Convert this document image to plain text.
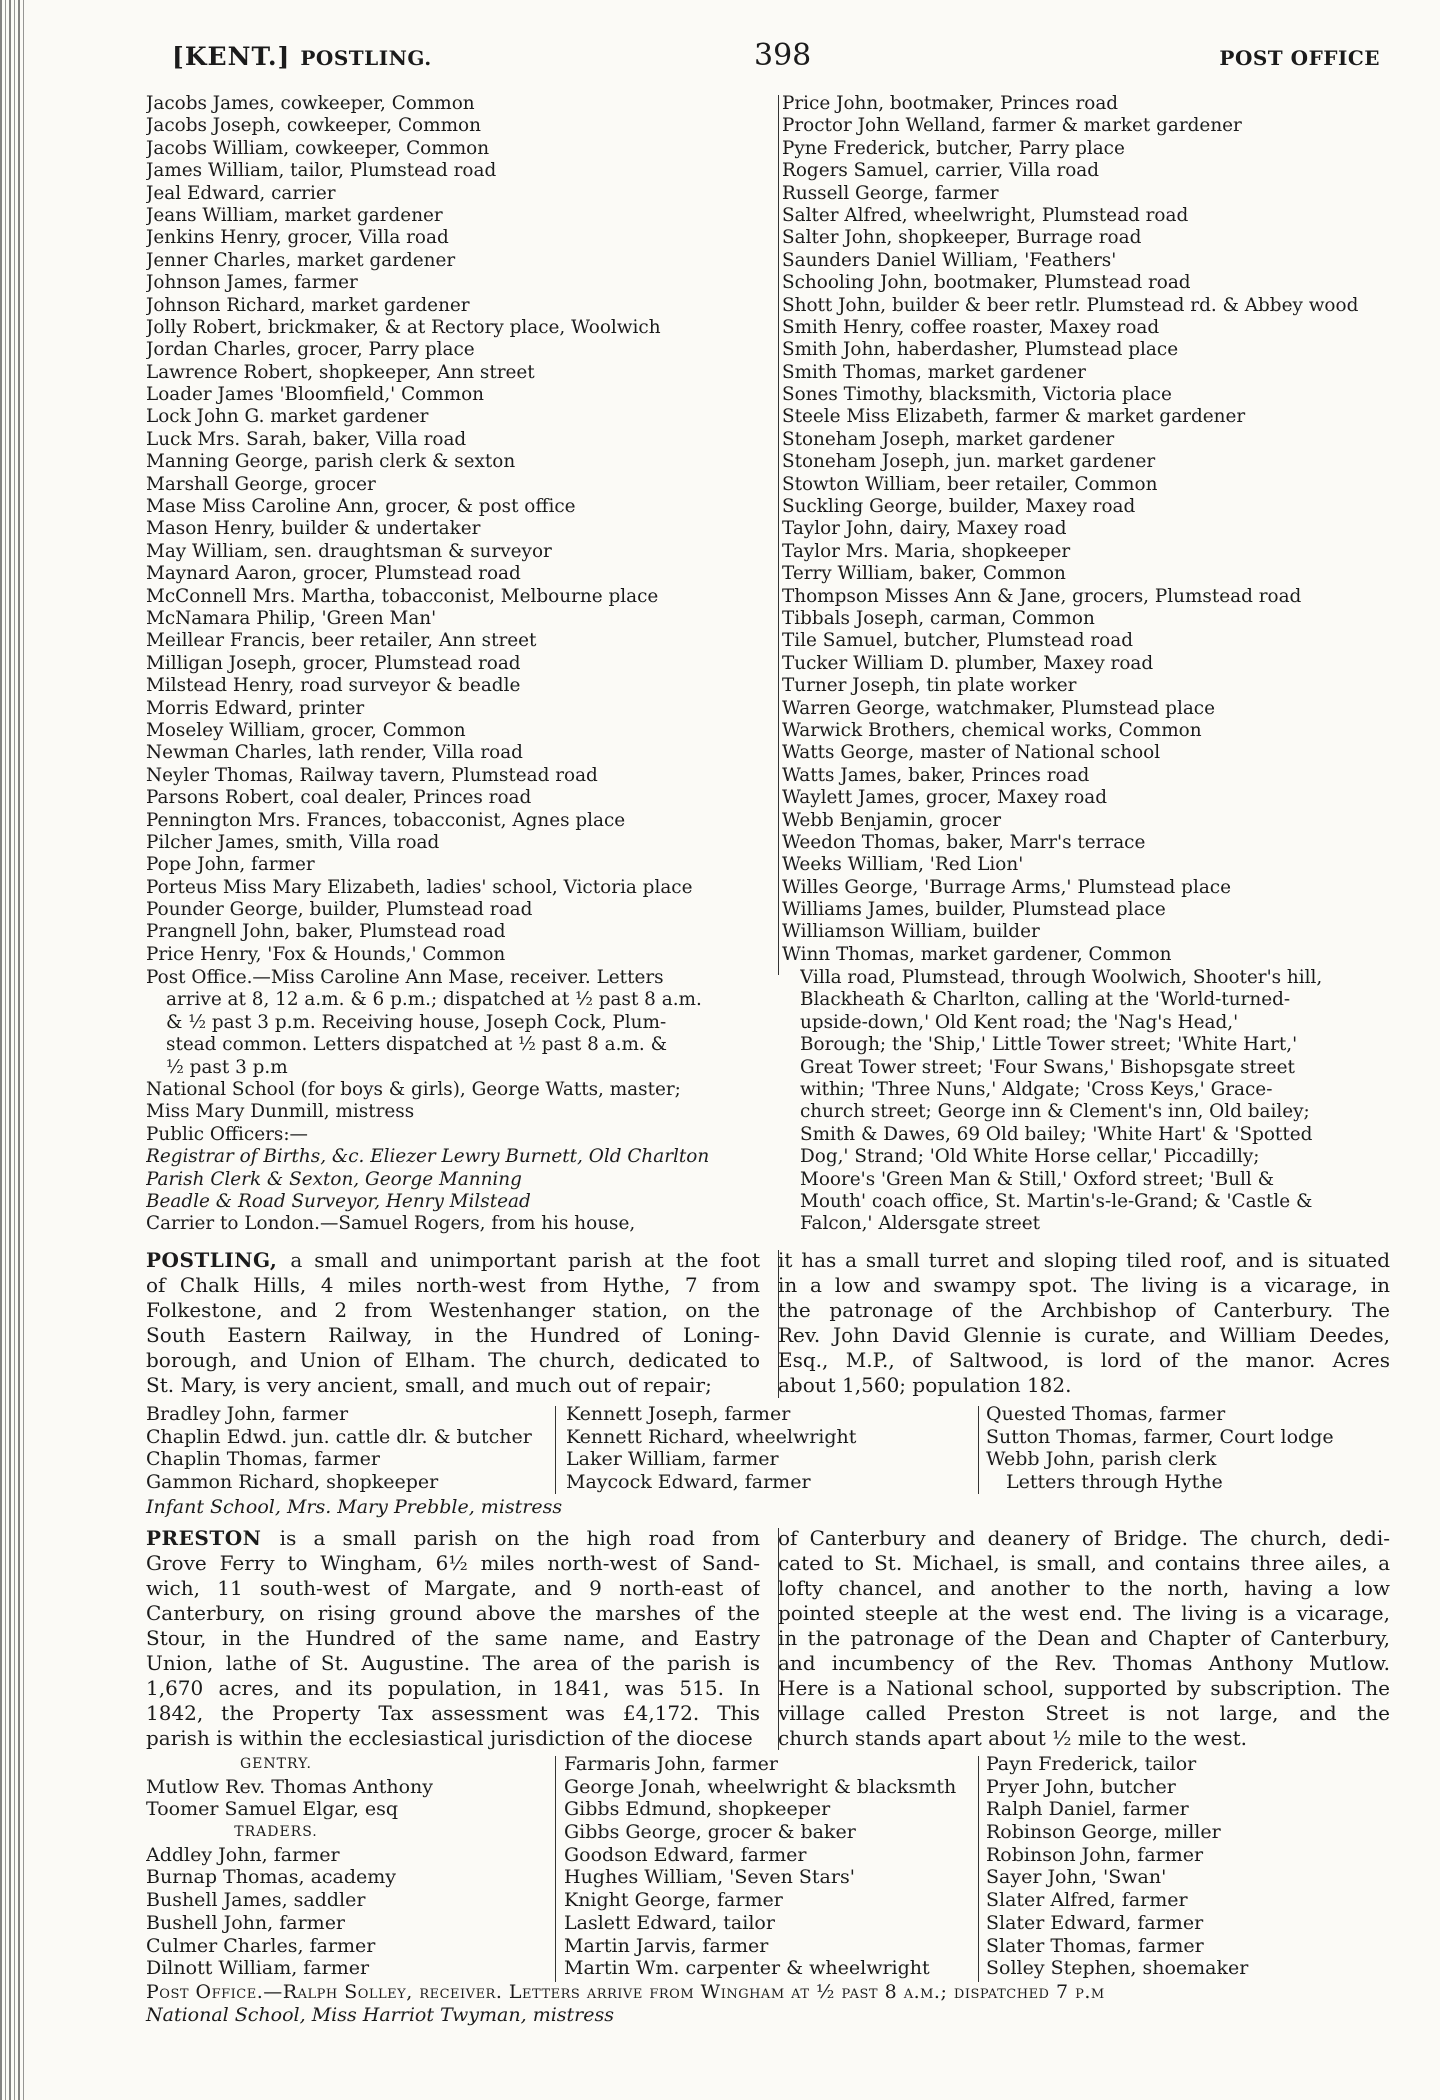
[KENT.] POSTLING.	398	POST OFFICE
Jacobs James, cowkeeper, Common
Jacobs Joseph, cowkeeper, Common
Jacobs William, cowkeeper, Common
James William, tailor, Plumstead road
Jeal Edward, carrier
Jeans William, market gardener
Jenkins Henry, grocer, Villa road
Jenner Charles, market gardener
Johnson James, farmer
Johnson Richard, market gardener
Jolly Robert, brickmaker, & at Rectory place, Woolwich
Jordan Charles, grocer, Parry place
Lawrence Robert, shopkeeper, Ann street
Loader James 'Bloomfield,' Common
Lock John G. market gardener
Luck Mrs. Sarah, baker, Villa road
Manning George, parish clerk & sexton
Marshall George, grocer
Mase Miss Caroline Ann, grocer, & post office
Mason Henry, builder & undertaker
May William, sen. draughtsman & surveyor
Maynard Aaron, grocer, Plumstead road
McConnell Mrs. Martha, tobacconist, Melbourne place
McNamara Philip, 'Green Man'
Meillear Francis, beer retailer, Ann street
Milligan Joseph, grocer, Plumstead road
Milstead Henry, road surveyor & beadle
Morris Edward, printer
Moseley William, grocer, Common
Newman Charles, lath render, Villa road
Neyler Thomas, Railway tavern, Plumstead road
Parsons Robert, coal dealer, Princes road
Pennington Mrs. Frances, tobacconist, Agnes place
Pilcher James, smith, Villa road
Pope John, farmer
Porteus Miss Mary Elizabeth, ladies' school, Victoria place
Pounder George, builder, Plumstead road
Prangnell John, baker, Plumstead road
Price Henry, 'Fox & Hounds,' Common
Price John, bootmaker, Princes road
Proctor John Welland, farmer & market gardener
Pyne Frederick, butcher, Parry place
Rogers Samuel, carrier, Villa road
Russell George, farmer
Salter Alfred, wheelwright, Plumstead road
Salter John, shopkeeper, Burrage road
Saunders Daniel William, 'Feathers'
Schooling John, bootmaker, Plumstead road
Shott John, builder & beer retlr. Plumstead rd. & Abbey wood
Smith Henry, coffee roaster, Maxey road
Smith John, haberdasher, Plumstead place
Smith Thomas, market gardener
Sones Timothy, blacksmith, Victoria place
Steele Miss Elizabeth, farmer & market gardener
Stoneham Joseph, market gardener
Stoneham Joseph, jun. market gardener
Stowton William, beer retailer, Common
Suckling George, builder, Maxey road
Taylor John, dairy, Maxey road
Taylor Mrs. Maria, shopkeeper
Terry William, baker, Common
Thompson Misses Ann & Jane, grocers, Plumstead road
Tibbals Joseph, carman, Common
Tile Samuel, butcher, Plumstead road
Tucker William D. plumber, Maxey road
Turner Joseph, tin plate worker
Warren George, watchmaker, Plumstead place
Warwick Brothers, chemical works, Common
Watts George, master of National school
Watts James, baker, Princes road
Waylett James, grocer, Maxey road
Webb Benjamin, grocer
Weedon Thomas, baker, Marr's terrace
Weeks William, 'Red Lion'
Willes George, 'Burrage Arms,' Plumstead place
Williams James, builder, Plumstead place
Williamson William, builder
Winn Thomas, market gardener, Common
Post Office.—Miss Caroline Ann Mase, receiver. Letters
arrive at 8, 12 a.m. & 6 p.m.; dispatched at ½ past 8 a.m.
& ½ past 3 p.m. Receiving house, Joseph Cock, Plum-
stead common. Letters dispatched at ½ past 8 a.m. &
½ past 3 p.m
National School (for boys & girls), George Watts, master;
Miss Mary Dunmill, mistress
Public Officers:—
Registrar of Births, &c. Eliezer Lewry Burnett, Old Charlton
Parish Clerk & Sexton, George Manning
Beadle & Road Surveyor, Henry Milstead
Carrier to London.—Samuel Rogers, from his house,
Villa road, Plumstead, through Woolwich, Shooter's hill,
Blackheath & Charlton, calling at the 'World-turned-
upside-down,' Old Kent road; the 'Nag's Head,'
Borough; the 'Ship,' Little Tower street; 'White Hart,'
Great Tower street; 'Four Swans,' Bishopsgate street
within; 'Three Nuns,' Aldgate; 'Cross Keys,' Grace-
church street; George inn & Clement's inn, Old bailey;
Smith & Dawes, 69 Old bailey; 'White Hart' & 'Spotted
Dog,' Strand; 'Old White Horse cellar,' Piccadilly;
Moore's 'Green Man & Still,' Oxford street; 'Bull &
Mouth' coach office, St. Martin's-le-Grand; & 'Castle &
Falcon,' Aldersgate street
POSTLING, a small and unimportant parish at the foot
of Chalk Hills, 4 miles north-west from Hythe, 7 from
Folkestone, and 2 from Westenhanger station, on the
South Eastern Railway, in the Hundred of Loning-
borough, and Union of Elham. The church, dedicated to
St. Mary, is very ancient, small, and much out of repair;
it has a small turret and sloping tiled roof, and is situated
in a low and swampy spot. The living is a vicarage, in
the patronage of the Archbishop of Canterbury. The
Rev. John David Glennie is curate, and William Deedes,
Esq., M.P., of Saltwood, is lord of the manor. Acres
about 1,560; population 182.
Bradley John, farmer
Chaplin Edwd. jun. cattle dlr. & butcher
Chaplin Thomas, farmer
Gammon Richard, shopkeeper
Kennett Joseph, farmer
Kennett Richard, wheelwright
Laker William, farmer
Maycock Edward, farmer
Quested Thomas, farmer
Sutton Thomas, farmer, Court lodge
Webb John, parish clerk
Letters through Hythe
Infant School, Mrs. Mary Prebble, mistress
PRESTON is a small parish on the high road from
Grove Ferry to Wingham, 6½ miles north-west of Sand-
wich, 11 south-west of Margate, and 9 north-east of
Canterbury, on rising ground above the marshes of the
Stour, in the Hundred of the same name, and Eastry
Union, lathe of St. Augustine. The area of the parish is
1,670 acres, and its population, in 1841, was 515. In
1842, the Property Tax assessment was £4,172. This
parish is within the ecclesiastical jurisdiction of the diocese
of Canterbury and deanery of Bridge. The church, dedi-
cated to St. Michael, is small, and contains three ailes, a
lofty chancel, and another to the north, having a low
pointed steeple at the west end. The living is a vicarage,
in the patronage of the Dean and Chapter of Canterbury,
and incumbency of the Rev. Thomas Anthony Mutlow.
Here is a National school, supported by subscription. The
village called Preston Street is not large, and the
church stands apart about ½ mile to the west.
GENTRY.
Mutlow Rev. Thomas Anthony
Toomer Samuel Elgar, esq
TRADERS.
Addley John, farmer
Burnap Thomas, academy
Bushell James, saddler
Bushell John, farmer
Culmer Charles, farmer
Dilnott William, farmer
Farmaris John, farmer
George Jonah, wheelwright & blacksmth
Gibbs Edmund, shopkeeper
Gibbs George, grocer & baker
Goodson Edward, farmer
Hughes William, 'Seven Stars'
Knight George, farmer
Laslett Edward, tailor
Martin Jarvis, farmer
Martin Wm. carpenter & wheelwright
Payn Frederick, tailor
Pryer John, butcher
Ralph Daniel, farmer
Robinson George, miller
Robinson John, farmer
Sayer John, 'Swan'
Slater Alfred, farmer
Slater Edward, farmer
Slater Thomas, farmer
Solley Stephen, shoemaker
Post Office.—Ralph Solley, receiver. Letters arrive from Wingham at ½ past 8 a.m.; dispatched 7 p.m
National School, Miss Harriot Twyman, mistress
